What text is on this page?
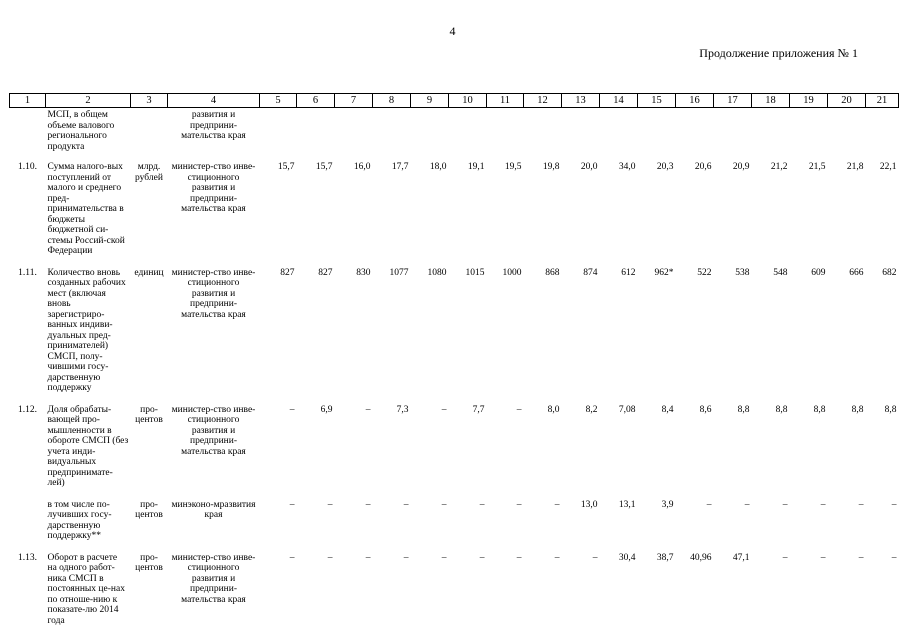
4
Продолжение приложения № 1
1	2	3	4	5	6	7	8	9	10	11	12	13	14	15	16	17	18	19	20	21
	МСП, в общем объеме валового регионального продукта		развития и предприни-мательства края																	
1.10.	Сумма налого-вых поступлений от малого и среднего пред-принимательства в бюджеты бюджетной си-стемы Россий-ской Федерации	млрд. рублей	министер-ство инве-стиционного развития и предприни-мательства края	15,7	15,7	16,0	17,7	18,0	19,1	19,5	19,8	20,0	34,0	20,3	20,6	20,9	21,2	21,5	21,8	22,1
1.11.	Количество вновь созданных рабочих мест (включая вновь зарегистриро-ванных индиви-дуальных пред-принимателей) СМСП, полу-чившими госу-дарственную поддержку	единиц	министер-ство инве-стиционного развития и предприни-мательства края	827	827	830	1077	1080	1015	1000	868	874	612	962*	522	538	548	609	666	682
1.12.	Доля обрабаты-вающей про-мышленности в обороте СМСП (без учета инди-видуальных предпринимате-лей)	про-центов	министер-ство инве-стиционного развития и предприни-мательства края	–	6,9	–	7,3	–	7,7	–	8,0	8,2	7,08	8,4	8,6	8,8	8,8	8,8	8,8	8,8
	в том числе по-лучивших госу-дарственную поддержку**	про-центов	минэконо-мразвития края	–	–	–	–	–	–	–	–	13,0	13,1	3,9	–	–	–	–	–	–
1.13.	Оборот в расчете на одного работ-ника СМСП в постоянных це-нах по отноше-нию к показате-лю 2014 года	про-центов	министер-ство инве-стиционного развития и предприни-мательства края	–	–	–	–	–	–	–	–	–	30,4	38,7	40,96	47,1	–	–	–	–
